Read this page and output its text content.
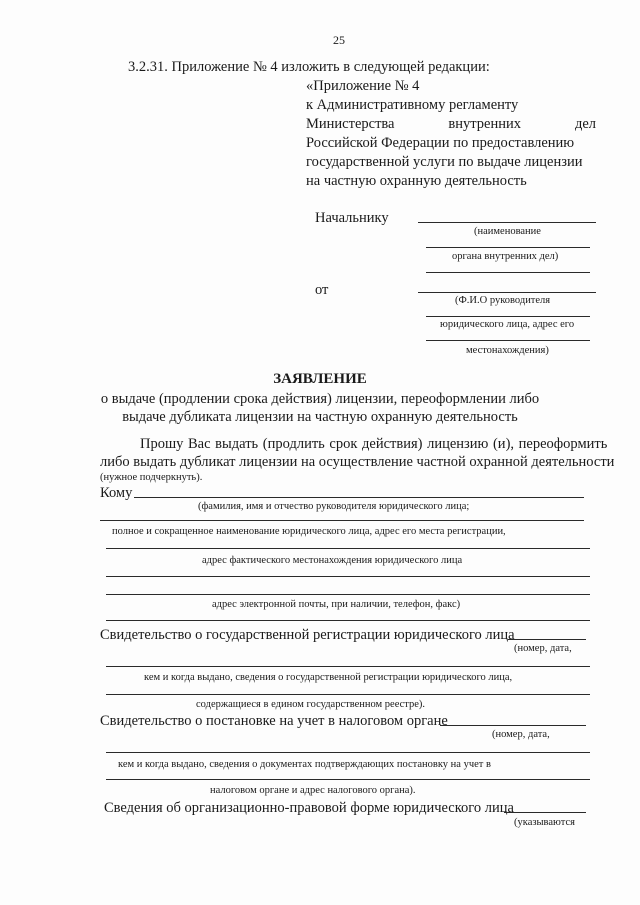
25
3.2.31. Приложение № 4 изложить в следующей редакции:
«Приложение № 4
к Административному регламенту
Министерства	внутренних	дел
Российской Федерации по предоставлению
государственной услуги по выдаче лицензии
на частную охранную деятельность
Начальнику
(наименование
органа внутренних дел)
от
(Ф.И.О руководителя
юридического лица, адрес его
местонахождения)
ЗАЯВЛЕНИЕ
о выдаче (продлении срока действия) лицензии, переоформлении либо
выдаче дубликата лицензии на частную охранную деятельность
Прошу Вас выдать (продлить срок действия) лицензию (и), переоформить
либо выдать дубликат лицензии на осуществление частной охранной деятельности
(нужное подчеркнуть).
Кому
(фамилия, имя и отчество руководителя юридического лица;
полное и сокращенное наименование юридического лица, адрес его места регистрации,
адрес фактического местонахождения юридического лица
адрес электронной почты, при наличии, телефон, факс)
Свидетельство о государственной регистрации юридического лица
(номер, дата,
кем и когда выдано, сведения о государственной регистрации юридического лица,
содержащиеся в едином государственном реестре).
Свидетельство о постановке на учет в налоговом органе
(номер, дата,
кем и когда выдано, сведения о документах подтверждающих постановку на учет в
налоговом органе и адрес налогового органа).
Сведения об организационно-правовой форме юридического лица
(указываются
